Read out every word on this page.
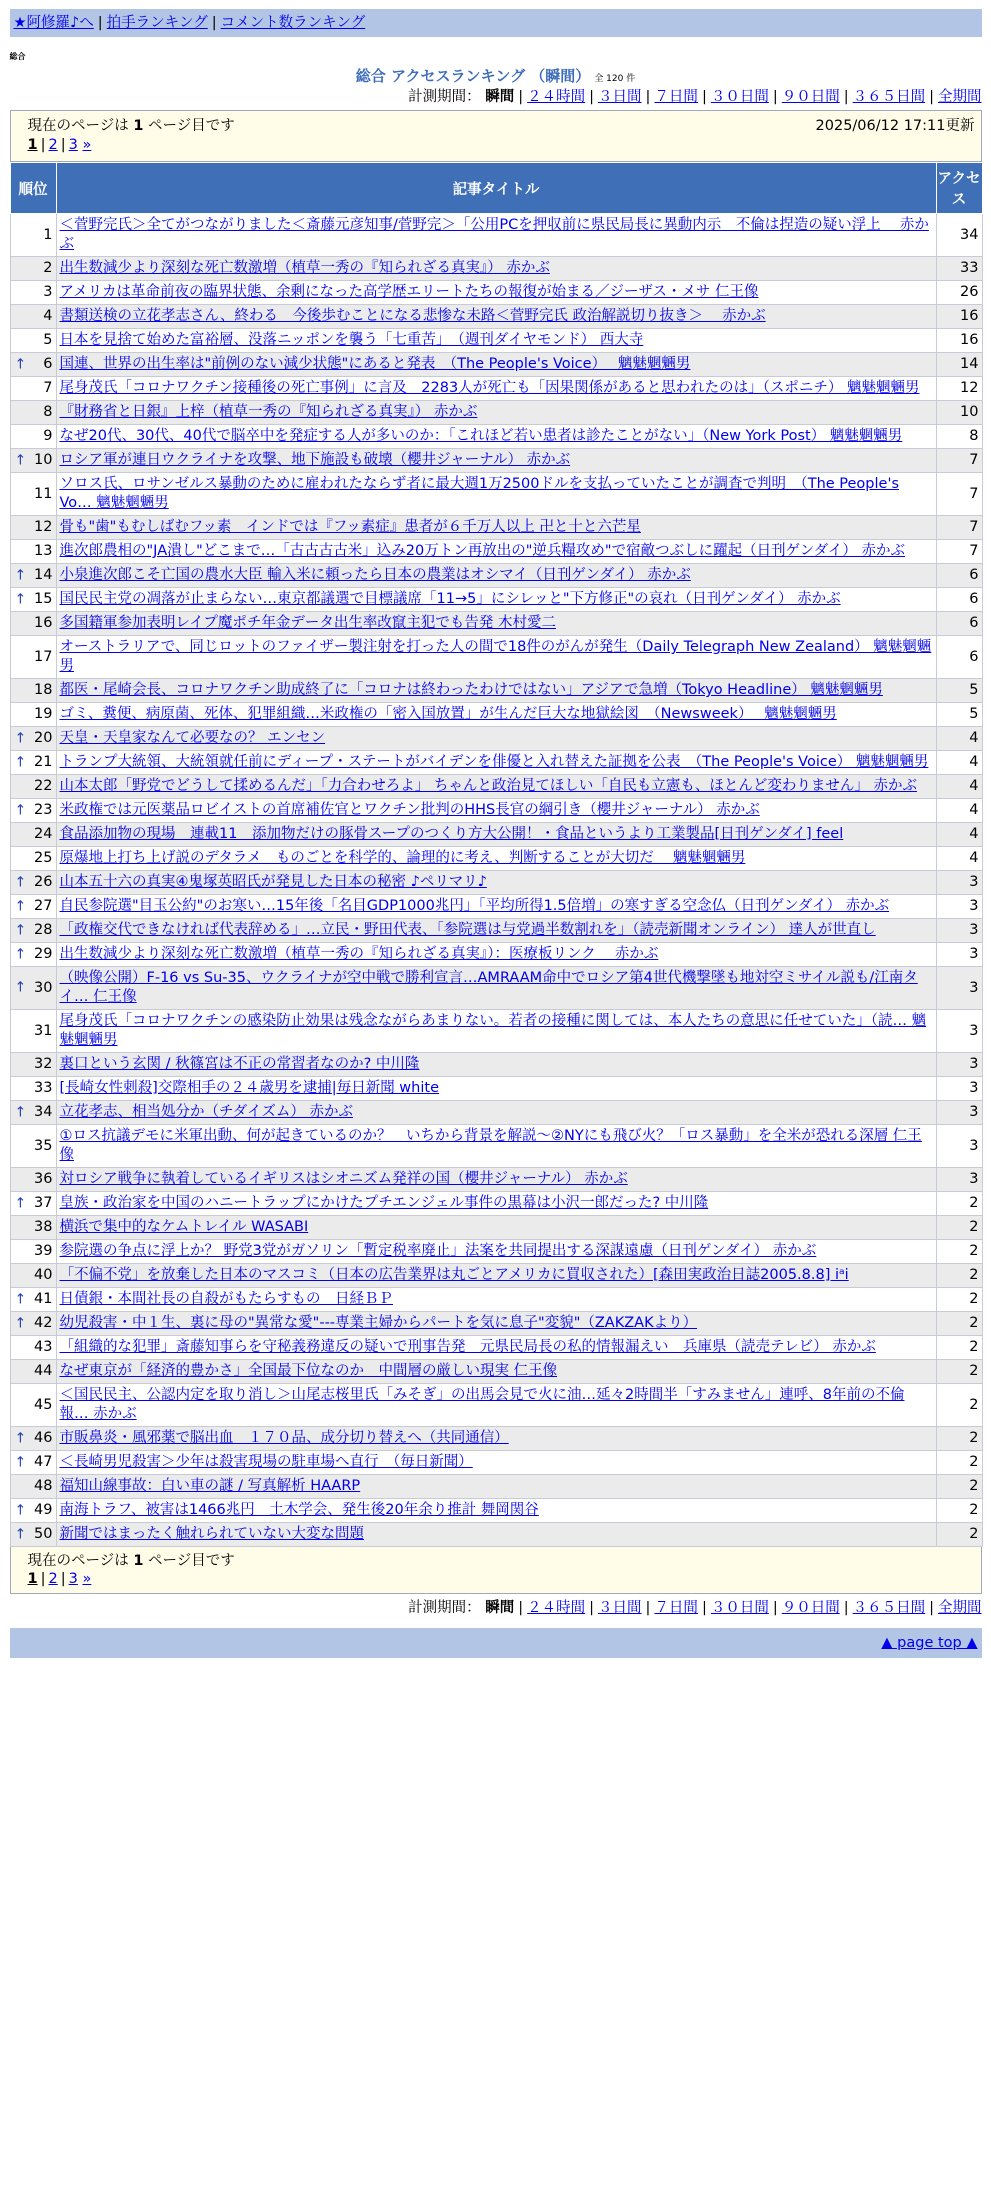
★阿修羅♪へ | 拍手ランキング | コメント数ランキング
総合
総合 アクセスランキング （瞬間） 全 120 件
計測期間： 瞬間 | ２４時間 | ３日間 | ７日間 | ３０日間 | ９０日間 | ３６５日間 | 全期間
現在のページは 1 ページ目です	2025/06/12 17:11更新
1 | 2 | 3 »
順位	記事タイトル	アクセス
1	＜菅野完氏＞全てがつながりました＜斎藤元彦知事/菅野完＞「公用PCを押収前に県民局長に異動内示　不倫は捏造の疑い浮上　 赤かぶ	34
2	出生数減少より深刻な死亡数激増（植草一秀の『知られざる真実』） 赤かぶ	33
3	アメリカは革命前夜の臨界状態、余剰になった高学歴エリートたちの報復が始まる／ジーザス・メサ 仁王像	26
4	書類送検の立花孝志さん、終わる　今後歩むことになる悲惨な未路＜菅野完氏 政治解説切り抜き＞　 赤かぶ	16
5	日本を見捨て始めた富裕層、没落ニッポンを襲う「七重苦」　（週刊ダイヤモンド） 西大寺	16

↑ 6	国連、世界の出生率は"前例のない減少状態"にあると発表　（The People's Voice）　 魑魅魍魎男	14
7	尾身茂氏「コロナワクチン接種後の死亡事例」に言及　2283人が死亡も「因果関係があると思われたのは」（スポニチ） 魑魅魍魎男	12
8	『財務省と日銀』上梓（植草一秀の『知られざる真実』） 赤かぶ	10
9	なぜ20代、30代、40代で脳卒中を発症する人が多いのか：「これほど若い患者は診たことがない」（New York Post） 魑魅魍魎男	8

↑ 10	ロシア軍が連日ウクライナを攻撃、地下施設も破壊（櫻井ジャーナル） 赤かぶ	7
11	ソロス氏、ロサンゼルス暴動のために雇われたならず者に最大週1万2500ドルを支払っていたことが調査で判明　（The People's Vo… 魑魅魍魎男	7
12	骨も"歯"もむしばむフッ素　インドでは『フッ素症』患者が６千万人以上 卍と十と六芒星	7
13	進次郎農相の"JA潰し"どこまで…「古古古古米」込み20万トン再放出の"逆兵糧攻め"で宿敵つぶしに躍起（日刊ゲンダイ） 赤かぶ	7

↑ 14	小泉進次郎こそ亡国の農水大臣 輸入米に頼ったら日本の農業はオシマイ（日刊ゲンダイ） 赤かぶ	6

↑ 15	国民民主党の凋落が止まらない…東京都議選で目標議席「11→5」にシレッと"下方修正"の哀れ（日刊ゲンダイ） 赤かぶ	6
16	多国籍軍参加表明レイプ魔ポチ年金データ出生率改竄主犯でも告発 木村愛二	6
17	オーストラリアで、同じロットのファイザー製注射を打った人の間で18件のがんが発生（Daily Telegraph New Zealand） 魑魅魍魎男	6
18	都医・尾崎会長、コロナワクチン助成終了に「コロナは終わったわけではない」アジアで急増（Tokyo Headline） 魑魅魍魎男	5
19	ゴミ、糞便、病原菌、死体、犯罪組織…米政権の「密入国放置」が生んだ巨大な地獄絵図　（Newsweek）　 魑魅魍魎男	5

↑ 20	天皇・天皇家なんて必要なの？ エンセン	4

↑ 21	トランプ大統領、大統領就任前にディープ・ステートがバイデンを俳優と入れ替えた証拠を公表　（The People's Voice） 魑魅魍魎男	4
22	山本太郎「野党でどうして揉めるんだ」「力合わせろよ」 ちゃんと政治見てほしい「自民も立憲も、ほとんど変わりません」 赤かぶ	4

↑ 23	米政権では元医薬品ロビイストの首席補佐官とワクチン批判のHHS長官の綱引き（櫻井ジャーナル） 赤かぶ	4
24	食品添加物の現場　連載11　添加物だけの豚骨スープのつくり方大公開！・食品というより工業製品[日刊ゲンダイ] feel	4
25	原爆地上打ち上げ説のデタラメ　ものごとを科学的、論理的に考え、判断することが大切だ　 魑魅魍魎男	4

↑ 26	山本五十六の真実④鬼塚英昭氏が発見した日本の秘密 ♪ペリマリ♪	3

↑ 27	自民参院選"目玉公約"のお寒い…15年後「名目GDP1000兆円」「平均所得1.5倍増」の寒すぎる空念仏（日刊ゲンダイ） 赤かぶ	3

↑ 28	「政権交代できなければ代表辞める」…立民・野田代表、「参院選は与党過半数割れを」（読売新聞オンライン） 達人が世直し	3

↑ 29	出生数減少より深刻な死亡数激増（植草一秀の『知られざる真実』）：医療板リンク　 赤かぶ	3

↑ 30	（映像公開）F-16 vs Su-35、ウクライナが空中戦で勝利宣言…AMRAAM命中でロシア第4世代機撃墜も地対空ミサイル説も/江南タイ… 仁王像	3
31	尾身茂氏「コロナワクチンの感染防止効果は残念ながらあまりない。若者の接種に関しては、本人たちの意思に任せていた」（読… 魑魅魍魎男	3
32	裏口という玄関 / 秋篠宮は不正の常習者なのか? 中川隆	3
33	[長崎女性刺殺]交際相手の２４歳男を逮捕|毎日新聞 white	3

↑ 34	立花孝志、相当処分か（チダイズム） 赤かぶ	3
35	①ロス抗議デモに米軍出動、何が起きているのか？　いちから背景を解説～②NYにも飛び火？「ロス暴動」を全米が恐れる深層 仁王像	3
36	対ロシア戦争に執着しているイギリスはシオニズム発祥の国（櫻井ジャーナル） 赤かぶ	3

↑ 37	皇族・政治家を中国のハニートラップにかけたプチエンジェル事件の黒幕は小沢一郎だった? 中川隆	2
38	横浜で集中的なケムトレイル WASABI	2
39	参院選の争点に浮上か？ 野党3党がガソリン「暫定税率廃止」法案を共同提出する深謀遠慮（日刊ゲンダイ） 赤かぶ	2
40	「不偏不党」を放棄した日本のマスコミ（日本の広告業界は丸ごとアメリカに買収された）[森田実政治日誌2005.8.8] i͏ᵃi	2

↑ 41	日債銀・本間社長の自殺がもたらすもの　日経ＢＰ	2

↑ 42	幼児殺害・中１生、裏に母の"異常な愛"---専業主婦からパートを気に息子"変貌"（ZAKZAKより）	2
43	「組織的な犯罪」斎藤知事らを守秘義務違反の疑いで刑事告発　元県民局長の私的情報漏えい　兵庫県（読売テレビ） 赤かぶ	2
44	なぜ東京が「経済的豊かさ」全国最下位なのか　中間層の厳しい現実 仁王像	2
45	＜国民民主、公認内定を取り消し＞山尾志桜里氏「みそぎ」の出馬会見で火に油…延々2時間半「すみません」連呼、8年前の不倫報… 赤かぶ	2

↑ 46	市販鼻炎・風邪薬で脳出血　１７０品、成分切り替えへ（共同通信）	2

↑ 47	＜長崎男児殺害＞少年は殺害現場の駐車場へ直行　（毎日新聞）	2
48	福知山線事故：白い車の謎 / 写真解析 HAARP	2

↑ 49	南海トラフ、被害は1466兆円　土木学会、発生後20年余り推計 舞岡関谷	2

↑ 50	新聞ではまったく触れられていない大変な問題	2
現在のページは 1 ページ目です
1 | 2 | 3 »
計測期間： 瞬間 | ２４時間 | ３日間 | ７日間 | ３０日間 | ９０日間 | ３６５日間 | 全期間
▲ page top ▲
